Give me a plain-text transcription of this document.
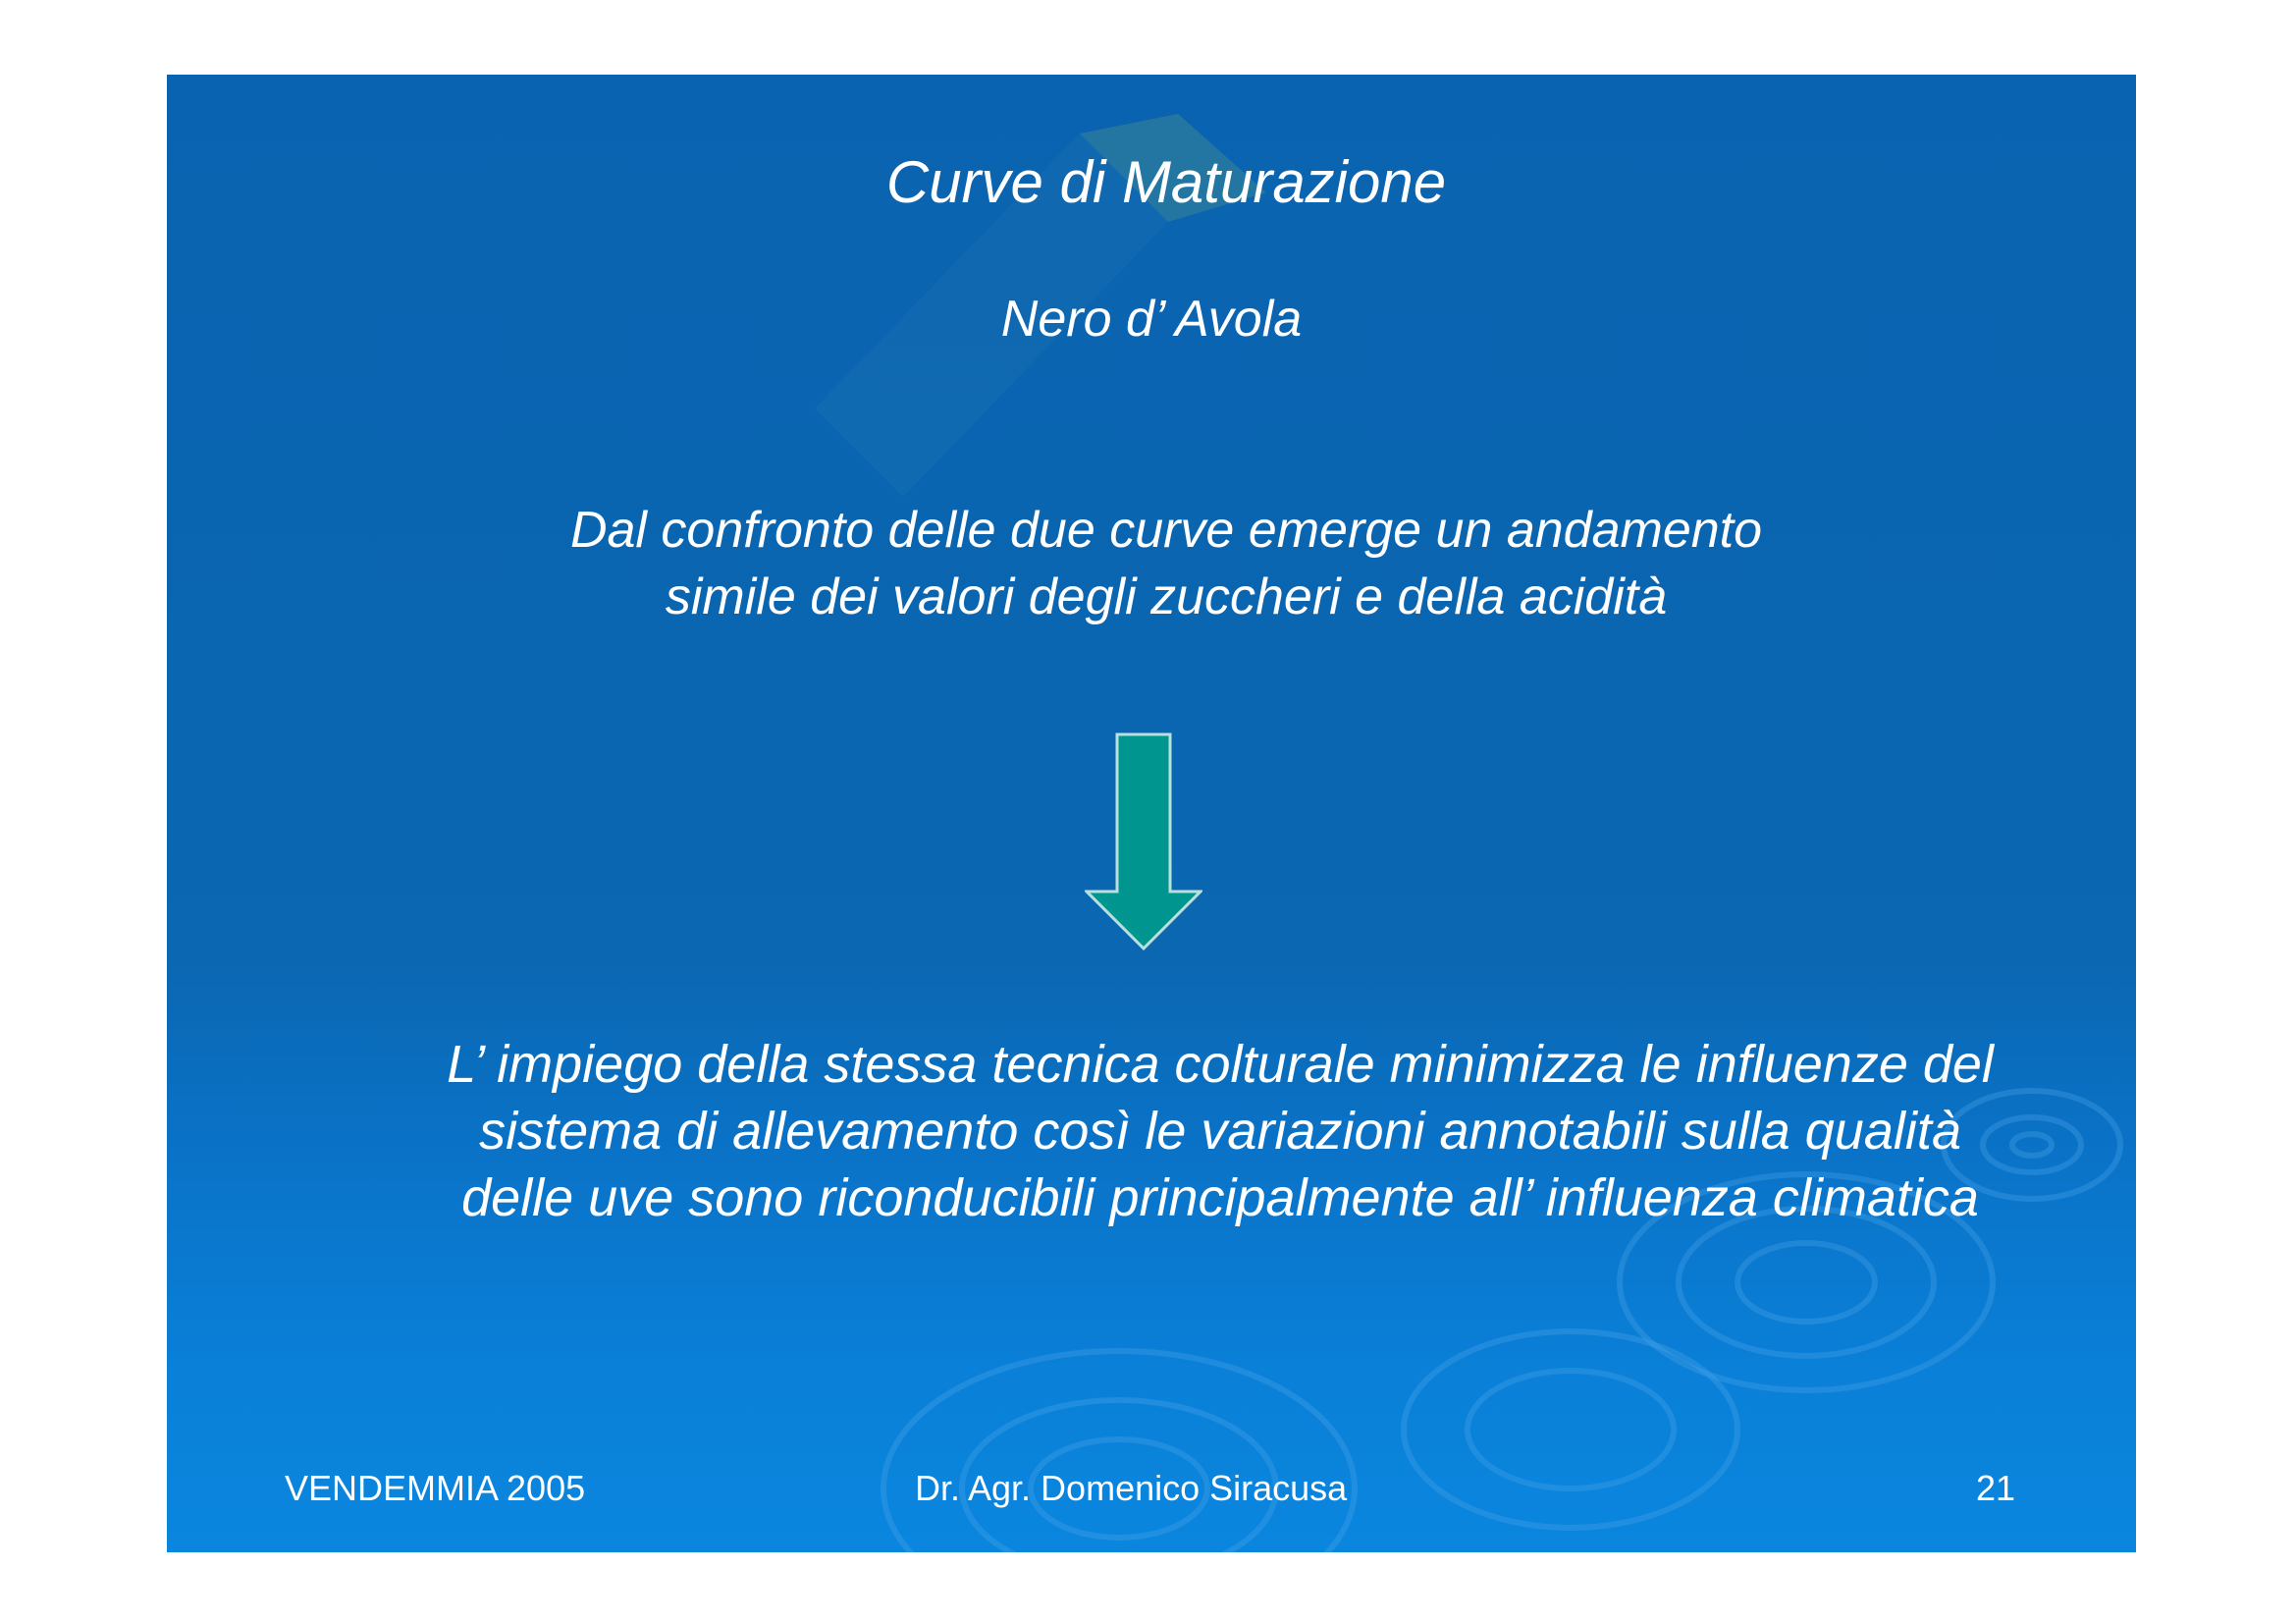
Curve di Maturazione
Nero d’ Avola
Dal confronto delle due curve emerge un andamento
simile dei valori degli zuccheri e della acidità
L’ impiego della stessa tecnica colturale minimizza le influenze del
sistema di allevamento così le variazioni annotabili sulla qualità
delle uve sono riconducibili principalmente all’ influenza climatica
VENDEMMIA 2005	Dr. Agr. Domenico Siracusa	21
